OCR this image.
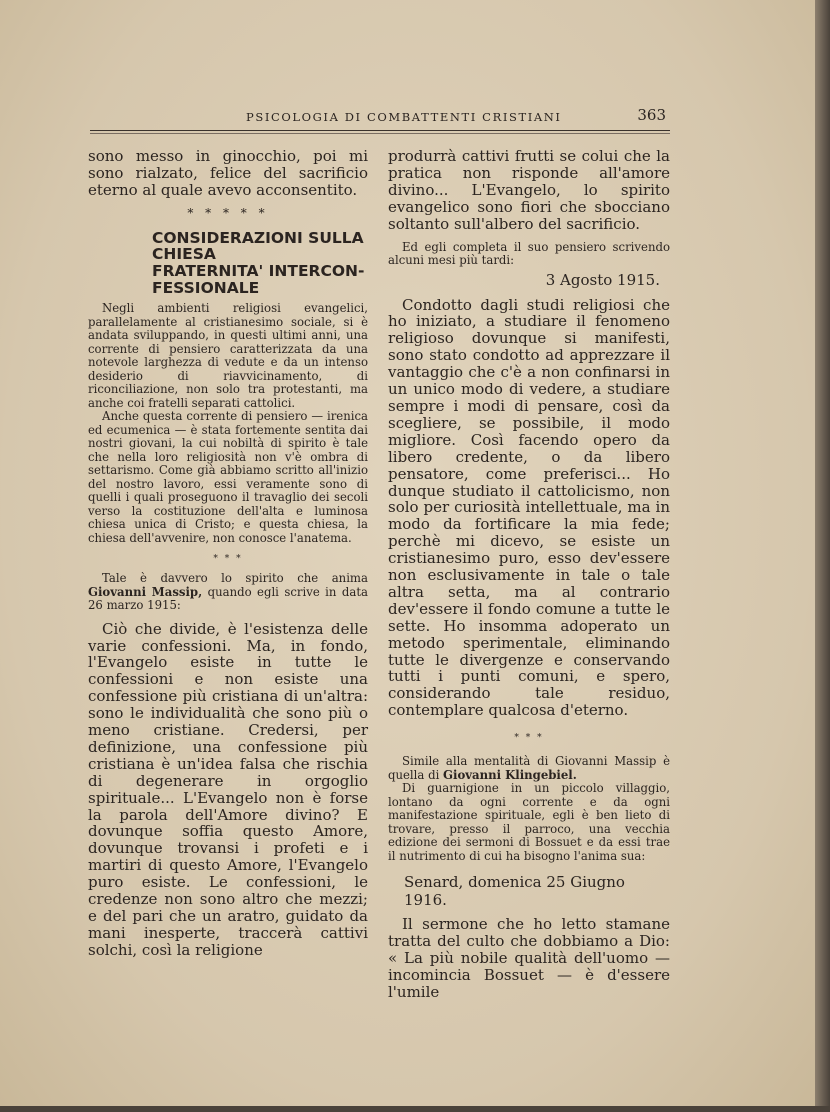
PSICOLOGIA DI COMBATTENTI CRISTIANI	363

sono messo in ginocchio, poi mi sono rialzato, felice del sacrificio eterno al quale avevo acconsentito.

* * * * *
CONSIDERAZIONI SULLA
CHIESA
FRATERNITA' INTERCON-
FESSIONALE

Negli ambienti religiosi evangelici, parallelamente al cristianesimo sociale, si è andata sviluppando, in questi ultimi anni, una corrente di pensiero caratterizzata da una notevole larghezza di vedute e da un intenso desiderio di riavvicinamento, di riconciliazione, non solo tra protestanti, ma anche coi fratelli separati cattolici.

Anche questa corrente di pensiero — irenica ed ecumenica — è stata fortemente sentita dai nostri giovani, la cui nobiltà di spirito è tale che nella loro religiosità non v'è ombra di settarismo. Come già abbiamo scritto all'inizio del nostro lavoro, essi veramente sono di quelli i quali proseguono il travaglio dei secoli verso la costituzione dell'alta e luminosa chiesa unica di Cristo; e questa chiesa, la chiesa dell'avvenire, non conosce l'anatema.

* * *

Tale è davvero lo spirito che anima Giovanni Massip, quando egli scrive in data 26 marzo 1915:

Ciò che divide, è l'esistenza delle varie confessioni. Ma, in fondo, l'Evangelo esiste in tutte le confessioni e non esiste una confessione più cristiana di un'altra: sono le individualità che sono più o meno cristiane. Credersi, per definizione, una confessione più cristiana è un'idea falsa che rischia di degenerare in orgoglio spirituale... L'Evangelo non è forse la parola dell'Amore divino? E dovunque soffia questo Amore, dovunque trovansi i profeti e i martiri di questo Amore, l'Evangelo puro esiste. Le confessioni, le credenze non sono altro che mezzi; e del pari che un aratro, guidato da mani inesperte, traccerà cattivi solchi, così la religione

produrrà cattivi frutti se colui che la pratica non risponde all'amore divino... L'Evangelo, lo spirito evangelico sono fiori che sbocciano soltanto sull'albero del sacrificio.

Ed egli completa il suo pensiero scrivendo alcuni mesi più tardi:

3 Agosto 1915.

Condotto dagli studi religiosi che ho iniziato, a studiare il fenomeno religioso dovunque si manifesti, sono stato condotto ad apprezzare il vantaggio che c'è a non confinarsi in un unico modo di vedere, a studiare sempre i modi di pensare, così da scegliere, se possibile, il modo migliore. Così facendo opero da libero credente, o da libero pensatore, come preferisci... Ho dunque studiato il cattolicismo, non solo per curiosità intellettuale, ma in modo da fortificare la mia fede; perchè mi dicevo, se esiste un cristianesimo puro, esso dev'essere non esclusivamente in tale o tale altra setta, ma al contrario dev'essere il fondo comune a tutte le sette. Ho insomma adoperato un metodo sperimentale, eliminando tutte le divergenze e conservando tutti i punti comuni, e spero, considerando tale residuo, contemplare qualcosa d'eterno.

* * *

Simile alla mentalità di Giovanni Massip è quella di Giovanni Klingebiel.

Di guarnigione in un piccolo villaggio, lontano da ogni corrente e da ogni manifestazione spirituale, egli è ben lieto di trovare, presso il parroco, una vecchia edizione dei sermoni di Bossuet e da essi trae il nutrimento di cui ha bisogno l'anima sua:

Senard, domenica 25 Giugno 1916.

Il sermone che ho letto stamane tratta del culto che dobbiamo a Dio: « La più nobile qualità dell'uomo — incomincia Bossuet — è d'essere l'umile
